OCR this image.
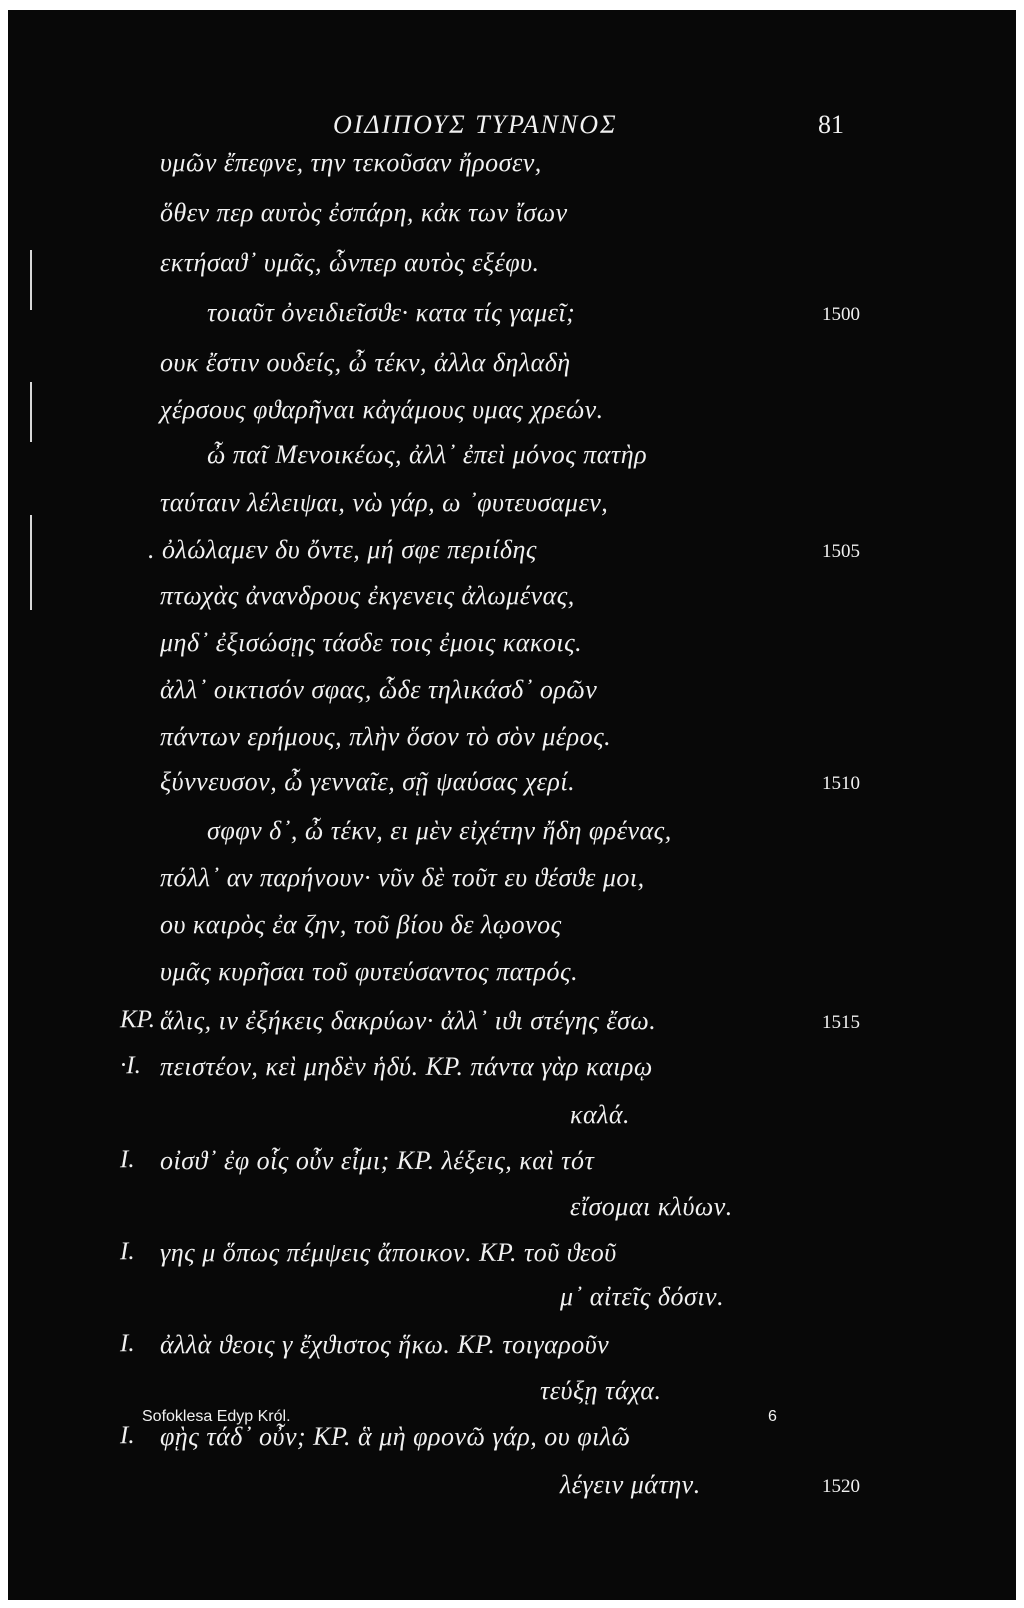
ΟΙΔΙΠΟΥΣ ΤΥΡΑΝΝΟΣ	81
υμῶν ἔπεφνε, την τεκοῦσαν ἤροσεν,
ὅθεν περ αυτὸς ἐσπάρη, κἀκ των ἴσων
εκτήσαϑ᾽ υμᾶς, ὧνπερ αυτὸς εξέφυ.
τοιαῦτ ὀνειδιεῖσϑε· κατα τίς γαμεῖ;	1500
ουκ ἔστιν ουδείς, ὦ τέκν, ἀλλα δηλαδὴ
χέρσους φϑαρῆναι κἀγάμους υμας χρεών.
ὦ παῖ Μενοικέως, ἀλλ᾽ ἐπεὶ μόνος πατὴρ
ταύταιν λέλειψαι, νὼ γάρ, ω ᾽φυτευσαμεν,
. ὀλώλαμεν δυ ὄντε, μή σφε περιίδης	1505
πτωχὰς ἀνανδρους ἐκγενεις ἀλωμένας,
μηδ᾽ ἐξισώσῃς τάσδε τοις ἐμοις κακοις.
ἀλλ᾽ οικτισόν σφας, ὧδε τηλικάσδ᾽ ορῶν
πάντων ερήμους, πλὴν ὅσον τὸ σὸν μέρος.
ξύννευσον, ὦ γενναῖε, σῇ ψαύσας χερί.	1510
σφφν δ᾽, ὦ τέκν, ει μὲν εἰχέτην ἤδη φρένας,
πόλλ᾽ αν παρήνουν· νῦν δὲ τοῦτ ευ ϑέσϑε μοι,
ου καιρὸς ἐα ζην, τοῦ βίου δε λῳονος
υμᾶς κυρῆσαι τοῦ φυτεύσαντος πατρός.
ΚΡ. ἅλις, ιν ἐξήκεις δακρύων· ἀλλ᾽ ιϑι στέγης ἔσω.	1515
·Ι. πειστέον, κεὶ μηδὲν ἡδύ. ΚΡ. πάντα γὰρ καιρῳ
καλά.
Ι. οἰσϑ᾽ ἐφ οἷς οὖν εἶμι; ΚΡ. λέξεις, καὶ τότ
εἴσομαι κλύων.
Ι. γης μ ὅπως πέμψεις ἄποικον. ΚΡ. τοῦ ϑεοῦ
μ᾽ αἰτεῖς δόσιν.
Ι. ἀλλὰ ϑεοις γ ἔχϑιστος ἥκω. ΚΡ. τοιγαροῦν
τεύξῃ τάχα.
Ι. φῂς τάδ᾽ οὖν; ΚΡ. ἃ μὴ φρονῶ γάρ, ου φιλῶ
λέγειν μάτην.	1520
Sofoklesa Edyp Król.	6
